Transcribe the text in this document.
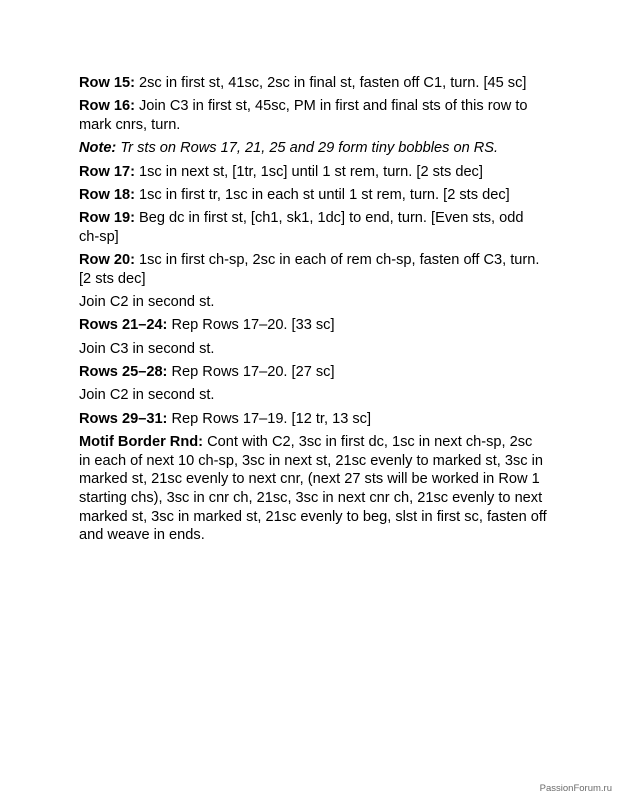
Row 15: 2sc in first st, 41sc, 2sc in final st, fasten off C1, turn. [45 sc]

Row 16: Join C3 in first st, 45sc, PM in first and final sts of this row to mark cnrs, turn.

Note: Tr sts on Rows 17, 21, 25 and 29 form tiny bobbles on RS.

Row 17: 1sc in next st, [1tr, 1sc] until 1 st rem, turn. [2 sts dec]

Row 18: 1sc in first tr, 1sc in each st until 1 st rem, turn. [2 sts dec]

Row 19: Beg dc in first st, [ch1, sk1, 1dc] to end, turn. [Even sts, odd ch-sp]

Row 20: 1sc in first ch-sp, 2sc in each of rem ch-sp, fasten off C3, turn. [2 sts dec]

Join C2 in second st.

Rows 21–24: Rep Rows 17–20. [33 sc]

Join C3 in second st.

Rows 25–28: Rep Rows 17–20. [27 sc]

Join C2 in second st.

Rows 29–31: Rep Rows 17–19. [12 tr, 13 sc]

Motif Border Rnd: Cont with C2, 3sc in first dc, 1sc in next ch-sp, 2sc in each of next 10 ch-sp, 3sc in next st, 21sc evenly to marked st, 3sc in marked st, 21sc evenly to next cnr, (next 27 sts will be worked in Row 1 starting chs), 3sc in cnr ch, 21sc, 3sc in next cnr ch, 21sc evenly to next marked st, 3sc in marked st, 21sc evenly to beg, slst in first sc, fasten off and weave in ends.

PassionForum.ru
